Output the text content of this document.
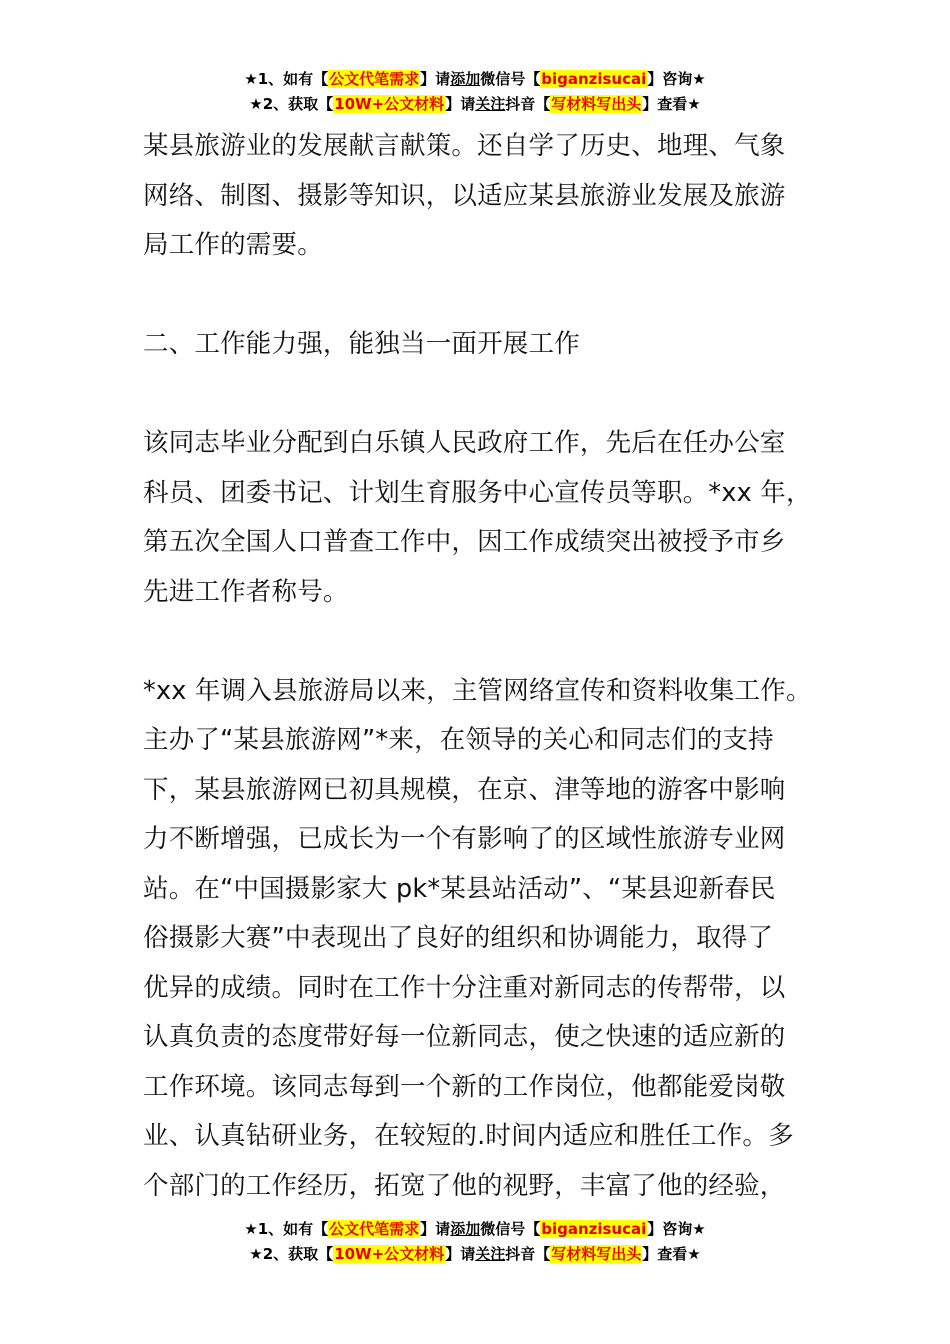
★1、如有【公文代笔需求】请添加微信号【biganzisucai】咨询★
★2、获取【10W+公文材料】请关注抖音【写材料写出头】查看★

某县旅游业的发展献言献策。还自学了历史、地理、气象

网络、制图、摄影等知识，以适应某县旅游业发展及旅游

局工作的需要。

二、工作能力强，能独当一面开展工作

该同志毕业分配到白乐镇人民政府工作，先后在任办公室

科员、团委书记、计划生育服务中心宣传员等职。*xx 年，

第五次全国人口普查工作中，因工作成绩突出被授予市乡

先进工作者称号。

*xx 年调入县旅游局以来，主管网络宣传和资料收集工作。

主办了“某县旅游网”*来，在领导的关心和同志们的支持

下，某县旅游网已初具规模，在京、津等地的游客中影响

力不断增强，已成长为一个有影响了的区域性旅游专业网

站。在“中国摄影家大 pk*某县站活动”、“某县迎新春民

俗摄影大赛”中表现出了良好的组织和协调能力，取得了

优异的成绩。同时在工作十分注重对新同志的传帮带，以

认真负责的态度带好每一位新同志，使之快速的适应新的

工作环境。该同志每到一个新的工作岗位，他都能爱岗敬

业、认真钻研业务，在较短的.时间内适应和胜任工作。多

个部门的工作经历，拓宽了他的视野，丰富了他的经验，

★1、如有【公文代笔需求】请添加微信号【biganzisucai】咨询★
★2、获取【10W+公文材料】请关注抖音【写材料写出头】查看★
